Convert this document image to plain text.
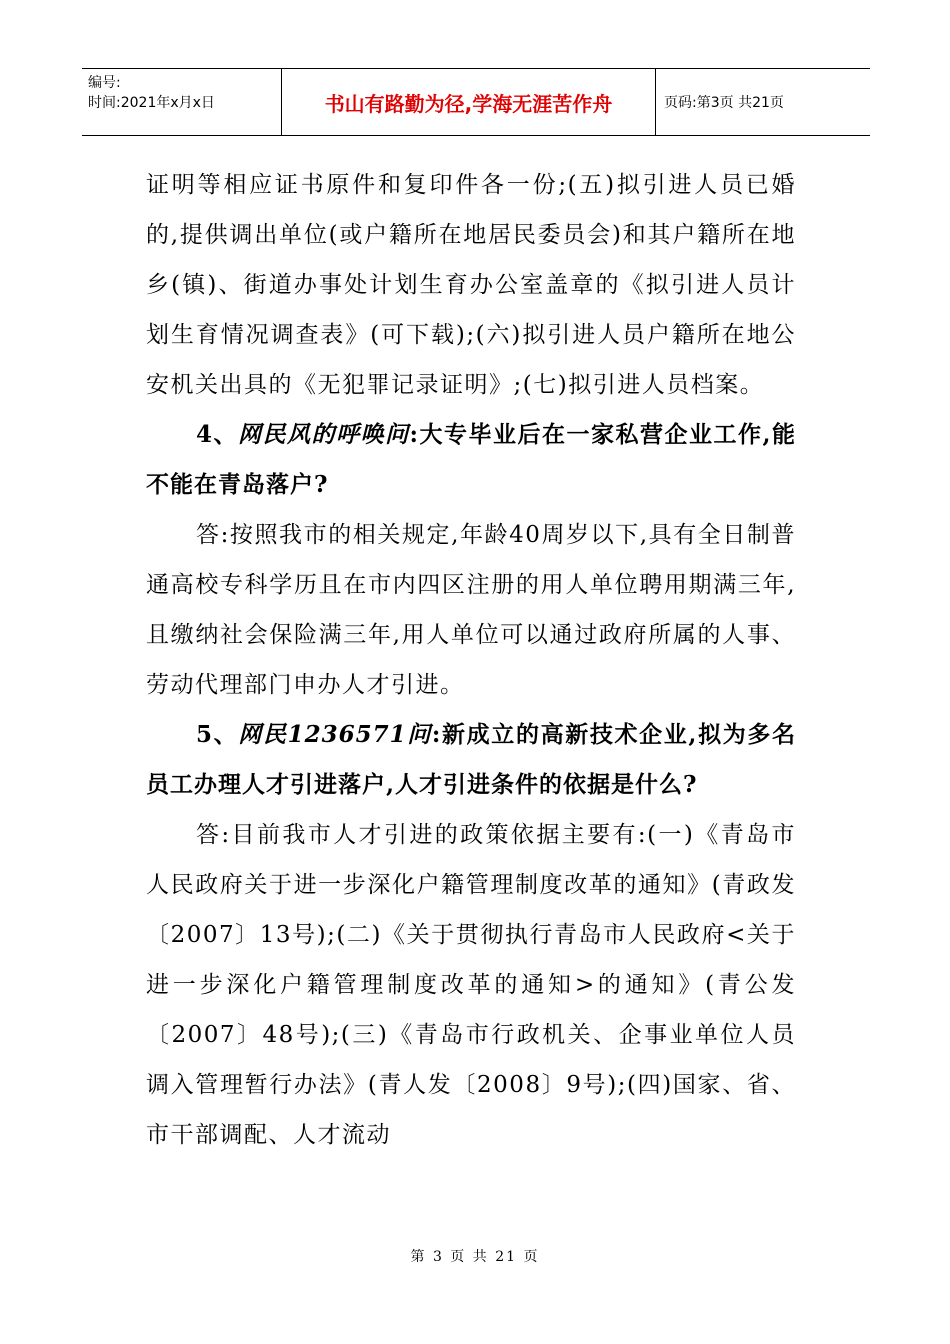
编号:
时间:2021年x月x日	书山有路勤为径,学海无涯苦作舟	页码:第3页 共21页

证明等相应证书原件和复印件各一份;(五)拟引进人员已婚的,提供调出单位(或户籍所在地居民委员会)和其户籍所在地乡(镇)、街道办事处计划生育办公室盖章的《拟引进人员计划生育情况调查表》(可下载);(六)拟引进人员户籍所在地公安机关出具的《无犯罪记录证明》;(七)拟引进人员档案。

4、网民风的呼唤问:大专毕业后在一家私营企业工作,能不能在青岛落户?

答:按照我市的相关规定,年龄40周岁以下,具有全日制普通高校专科学历且在市内四区注册的用人单位聘用期满三年,且缴纳社会保险满三年,用人单位可以通过政府所属的人事、劳动代理部门申办人才引进。

5、网民1236571问:新成立的高新技术企业,拟为多名员工办理人才引进落户,人才引进条件的依据是什么?

答:目前我市人才引进的政策依据主要有:(一)《青岛市人民政府关于进一步深化户籍管理制度改革的通知》(青政发〔2007〕13号);(二)《关于贯彻执行青岛市人民政府<关于进一步深化户籍管理制度改革的通知>的通知》(青公发〔2007〕48号);(三)《青岛市行政机关、企事业单位人员调入管理暂行办法》(青人发〔2008〕9号);(四)国家、省、市干部调配、人才流动

第 3 页 共 21 页
